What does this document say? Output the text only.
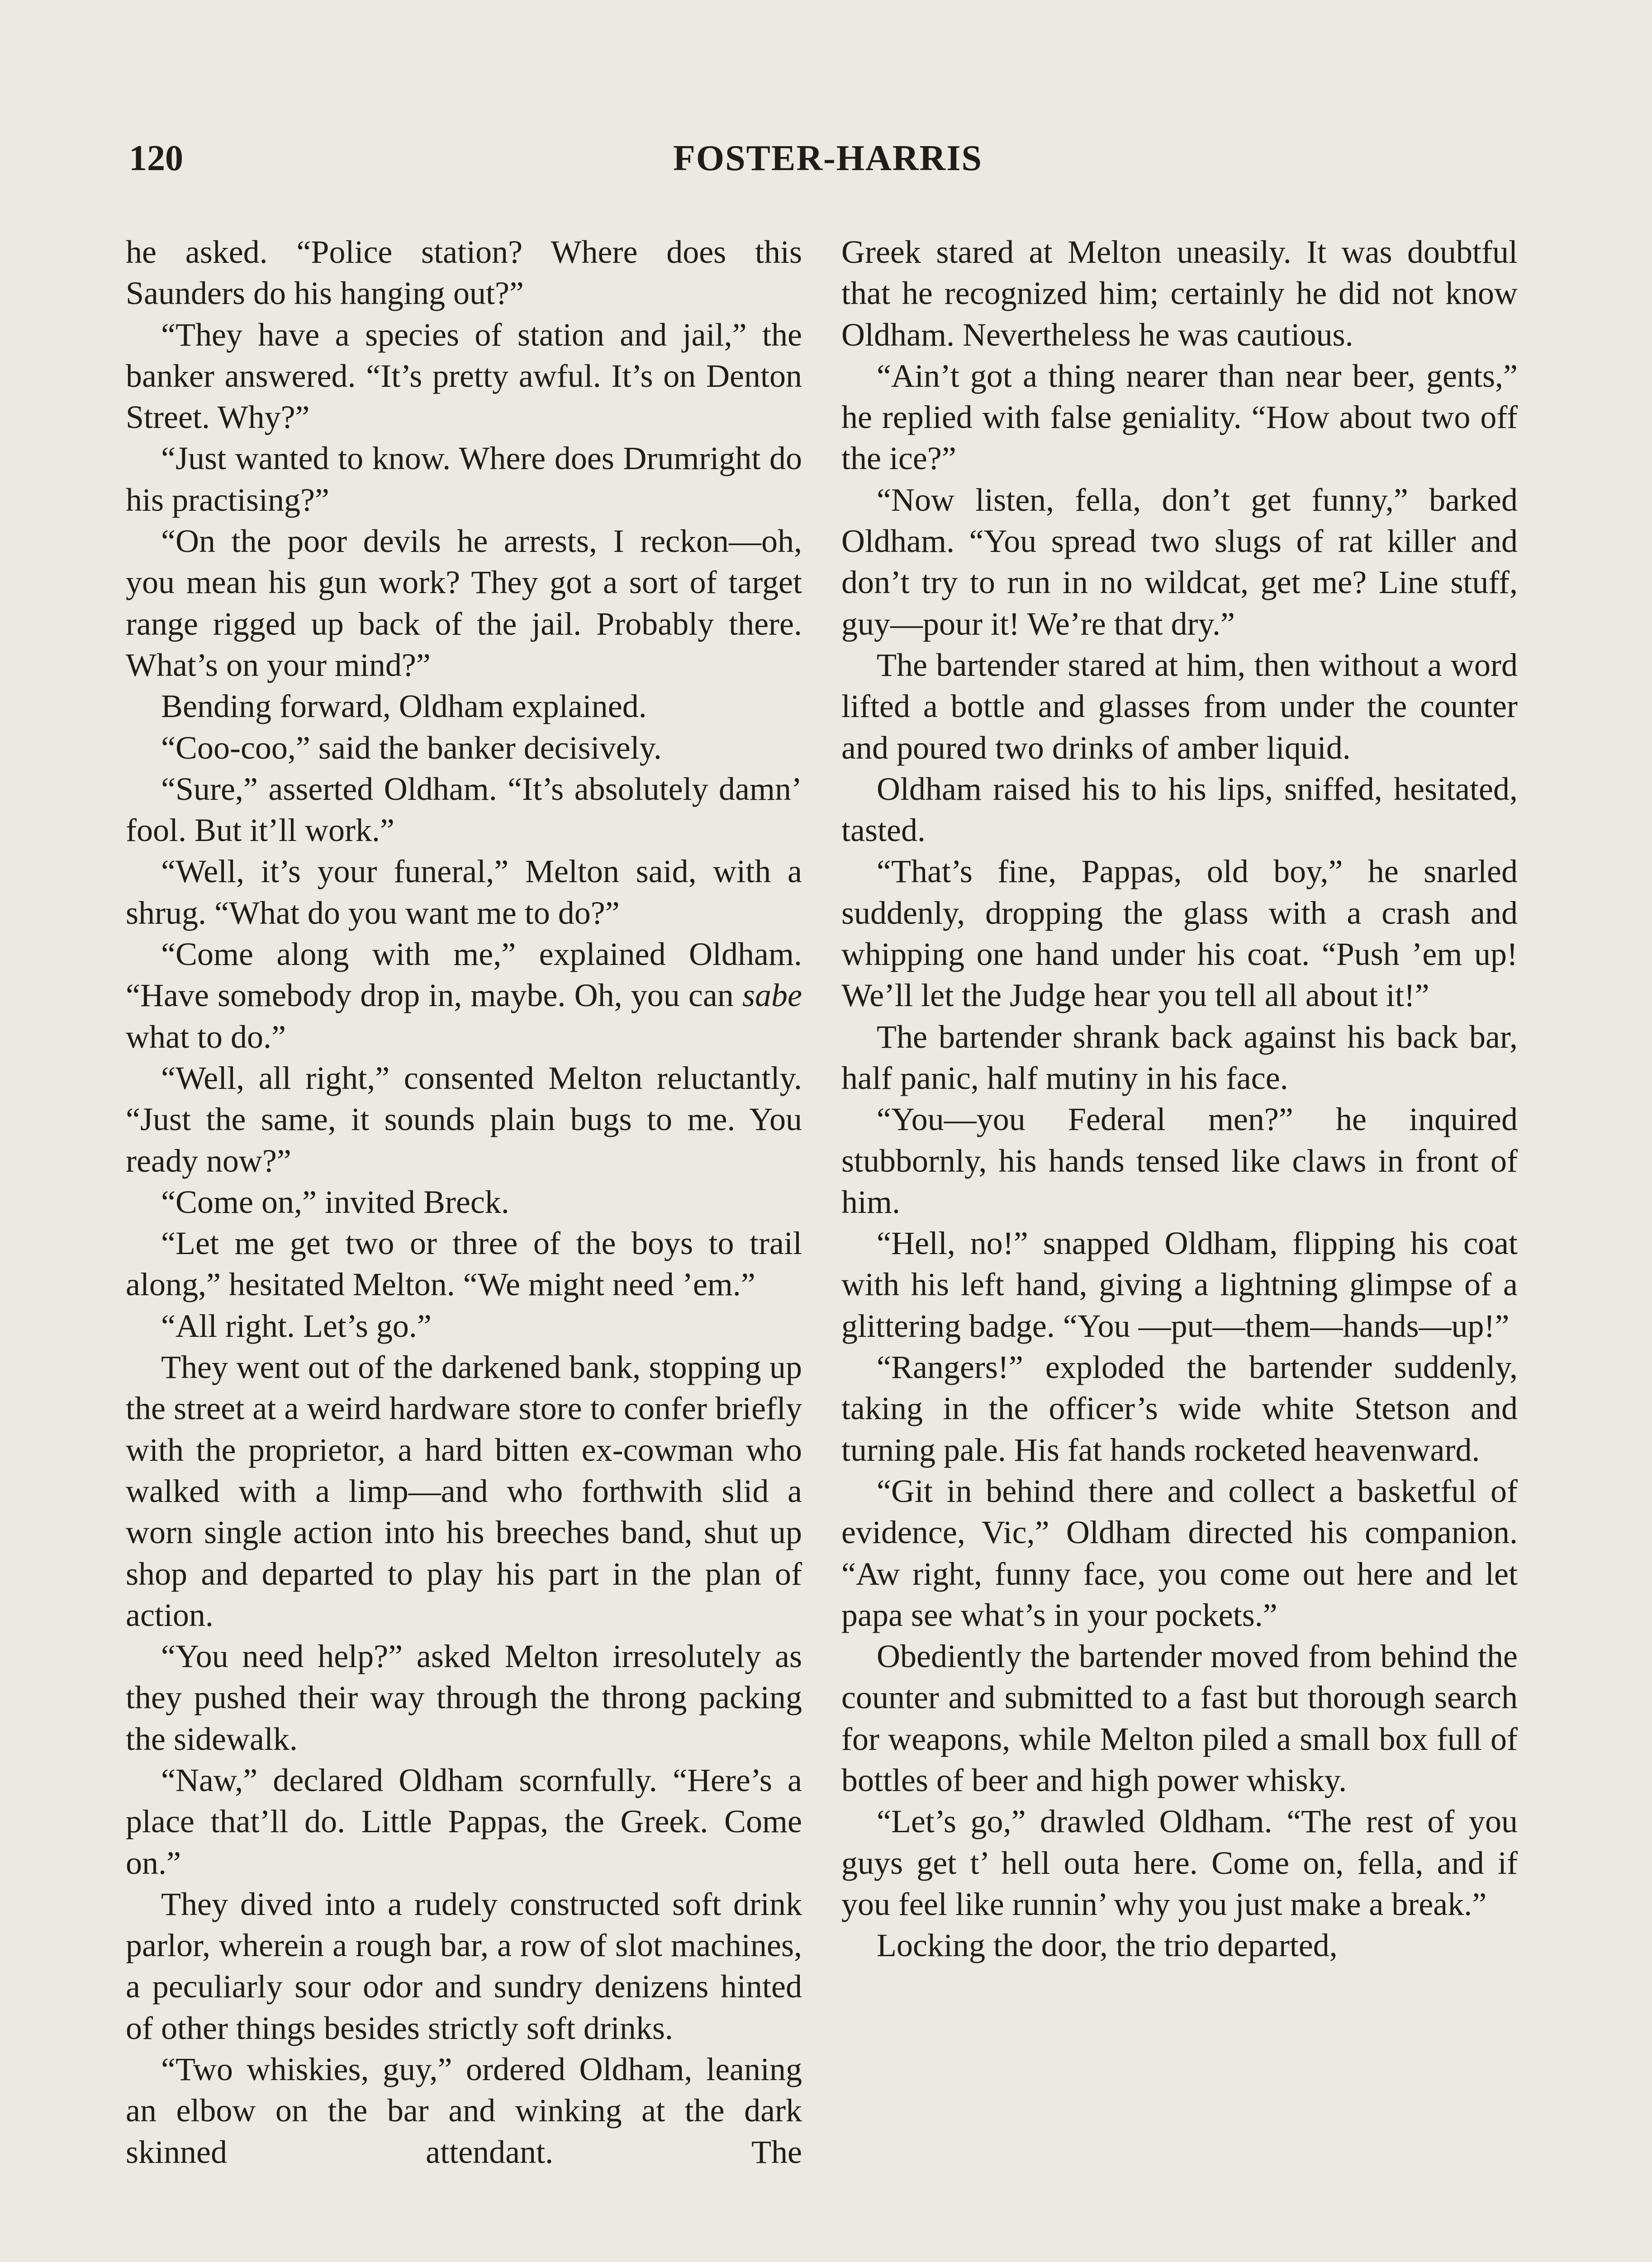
120	FOSTER-HARRIS

he asked. “Police station? Where does this Saunders do his hanging out?”

“They have a species of station and jail,” the banker answered. “It’s pretty awful. It’s on Denton Street. Why?”

“Just wanted to know. Where does Drumright do his practising?”

“On the poor devils he arrests, I reckon—oh, you mean his gun work? They got a sort of target range rigged up back of the jail. Probably there. What’s on your mind?”

Bending forward, Oldham explained.

“Coo-coo,” said the banker decisively.

“Sure,” asserted Oldham. “It’s absolutely damn’ fool. But it’ll work.”

“Well, it’s your funeral,” Melton said, with a shrug. “What do you want me to do?”

“Come along with me,” explained Oldham. “Have somebody drop in, maybe. Oh, you can sabe what to do.”

“Well, all right,” consented Melton reluctantly. “Just the same, it sounds plain bugs to me. You ready now?”

“Come on,” invited Breck.

“Let me get two or three of the boys to trail along,” hesitated Melton. “We might need ’em.”

“All right. Let’s go.”

They went out of the darkened bank, stopping up the street at a weird hardware store to confer briefly with the proprietor, a hard bitten ex-cowman who walked with a limp—and who forthwith slid a worn single action into his breeches band, shut up shop and departed to play his part in the plan of action.

“You need help?” asked Melton irresolutely as they pushed their way through the throng packing the sidewalk.

“Naw,” declared Oldham scornfully. “Here’s a place that’ll do. Little Pappas, the Greek. Come on.”

They dived into a rudely constructed soft drink parlor, wherein a rough bar, a row of slot machines, a peculiarly sour odor and sundry denizens hinted of other things besides strictly soft drinks.

“Two whiskies, guy,” ordered Oldham, leaning an elbow on the bar and winking at the dark skinned attendant. The

Greek stared at Melton uneasily. It was doubtful that he recognized him; certainly he did not know Oldham. Nevertheless he was cautious.

“Ain’t got a thing nearer than near beer, gents,” he replied with false geniality. “How about two off the ice?”

“Now listen, fella, don’t get funny,” barked Oldham. “You spread two slugs of rat killer and don’t try to run in no wildcat, get me? Line stuff, guy—pour it! We’re that dry.”

The bartender stared at him, then without a word lifted a bottle and glasses from under the counter and poured two drinks of amber liquid.

Oldham raised his to his lips, sniffed, hesitated, tasted.

“That’s fine, Pappas, old boy,” he snarled suddenly, dropping the glass with a crash and whipping one hand under his coat. “Push ’em up! We’ll let the Judge hear you tell all about it!”

The bartender shrank back against his back bar, half panic, half mutiny in his face.

“You—you Federal men?” he inquired stubbornly, his hands tensed like claws in front of him.

“Hell, no!” snapped Oldham, flipping his coat with his left hand, giving a lightning glimpse of a glittering badge. “You —put—them—hands—up!”

“Rangers!” exploded the bartender suddenly, taking in the officer’s wide white Stetson and turning pale. His fat hands rocketed heavenward.

“Git in behind there and collect a basketful of evidence, Vic,” Oldham directed his companion. “Aw right, funny face, you come out here and let papa see what’s in your pockets.”

Obediently the bartender moved from behind the counter and submitted to a fast but thorough search for weapons, while Melton piled a small box full of bottles of beer and high power whisky.

“Let’s go,” drawled Oldham. “The rest of you guys get t’ hell outa here. Come on, fella, and if you feel like runnin’ why you just make a break.”

Locking the door, the trio departed,
